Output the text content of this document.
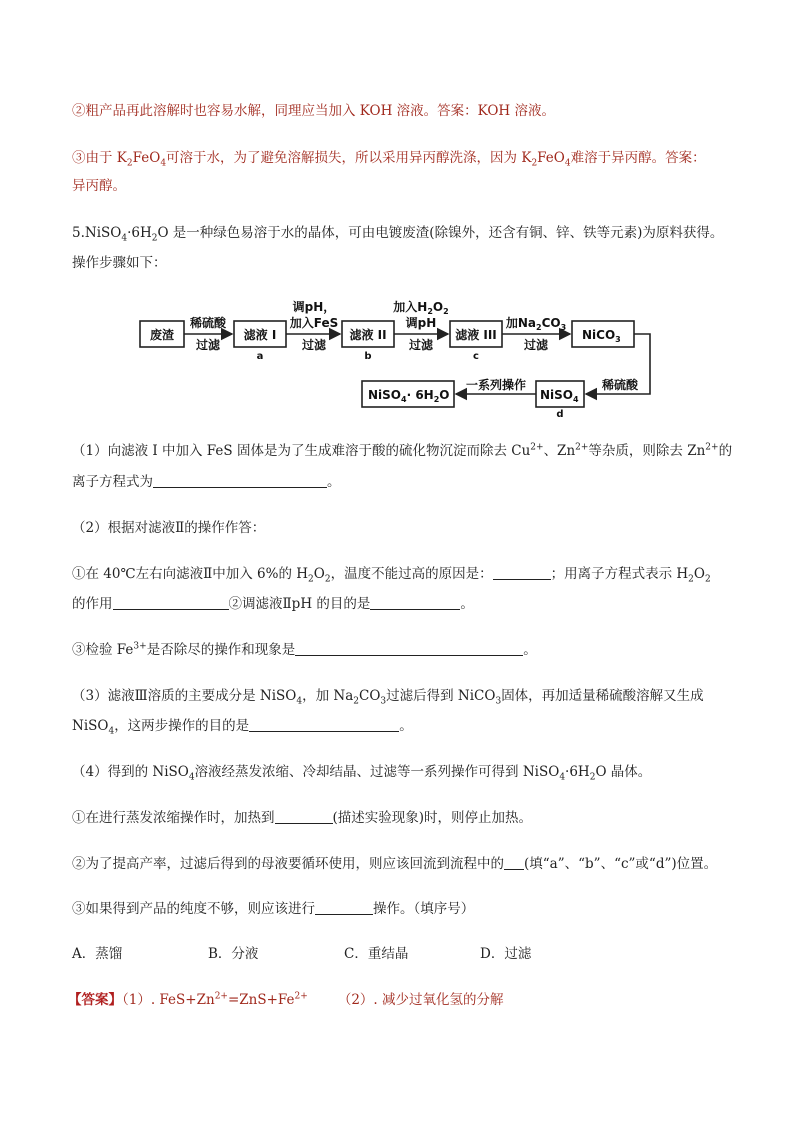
②粗产品再此溶解时也容易水解，同理应当加入 KOH 溶液。答案：KOH 溶液。
③由于 $K_2FeO_4$可溶于水，为了避免溶解损失，所以采用异丙醇洗涤，因为 $K_2FeO_4$难溶于异丙醇。答案：
异丙醇。
$5.NiSO_4\cdot 6H_2O$ 是一种绿色易溶于水的晶体，可由电镀废渣(除镍外，还含有铜、锌、铁等元素)为原料获得。
操作步骤如下：
废渣	滤液 I	滤液 II	滤液 III	NiCO$_3$
NiSO$_4$
NiSO$_4$· $6H_2O$
稀硫酸
过滤
调pH，
加入FeS
过滤
加入$H_2O_2$
调pH
过滤
加$Na_2CO_3$
过滤
稀硫酸
一系列操作
a	b	c
d
（1）向滤液 I 中加入 FeS 固体是为了生成难溶于酸的硫化物沉淀而除去 $Cu^{2+}$、$Zn^{2+}$等杂质，则除去 $Zn^{2+}$的
离子方程式为	。
（2）根据对滤液Ⅱ的操作作答：
①在 40℃左右向滤液Ⅱ中加入 6%的 $H_2O_2$，温度不能过高的原因是：	；用离子方程式表示 $H_2O_2$
的作用	②调滤液ⅡpH 的目的是	。
③检验 $Fe^{3+}$是否除尽的操作和现象是	。
（3）滤液Ⅲ溶质的主要成分是 NiSO$_4$，加 $Na_2CO_3$过滤后得到 NiCO$_3$固体，再加适量稀硫酸溶解又生成
NiSO$_4$，这两步操作的目的是	。
（4）得到的 NiSO$_4$溶液经蒸发浓缩、冷却结晶、过滤等一系列操作可得到 $NiSO_4\cdot 6H_2O$ 晶体。
①在进行蒸发浓缩操作时，加热到	(描述实验现象)时，则停止加热。
②为了提高产率，过滤后得到的母液要循环使用，则应该回流到流程中的 (填“a”、“b”、“c”或“d”)位置。
③如果得到产品的纯度不够，则应该进行	操作。（填序号）
A．蒸馏	B．分液	C．重结晶	D．过滤
【答案】（1）. $FeS+Zn^{2+}=ZnS+Fe^{2+}$ （2）. 减少过氧化氢的分解
